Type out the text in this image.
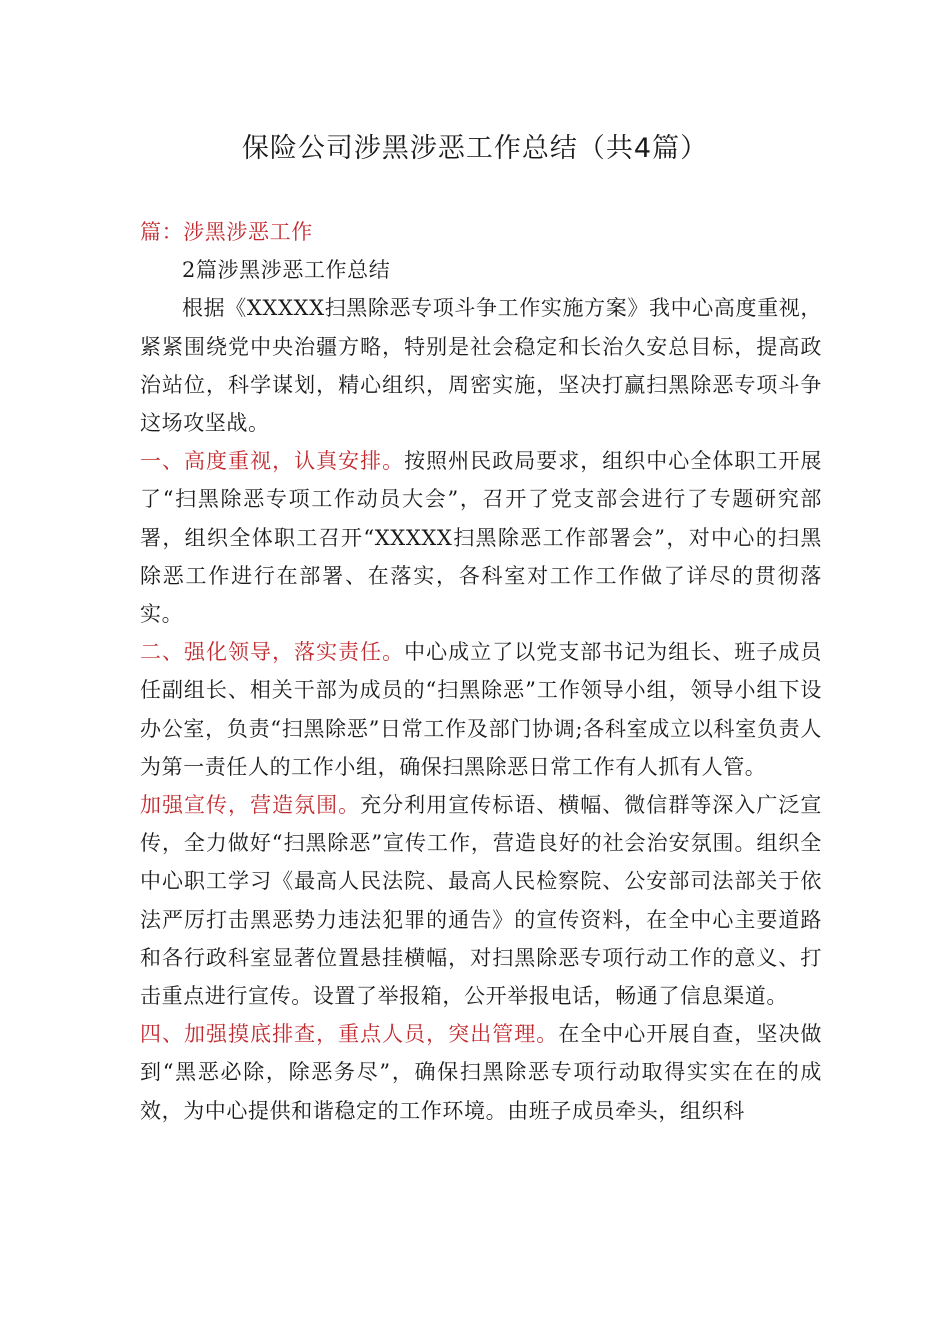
保险公司涉黑涉恶工作总结（共4篇）

篇：涉黑涉恶工作

2篇涉黑涉恶工作总结

根据《XXXXX扫黑除恶专项斗争工作实施方案》我中心高度重视，紧紧围绕党中央治疆方略，特别是社会稳定和长治久安总目标，提高政治站位，科学谋划，精心组织，周密实施，坚决打赢扫黑除恶专项斗争这场攻坚战。

一、高度重视，认真安排。按照州民政局要求，组织中心全体职工开展了“扫黑除恶专项工作动员大会”，召开了党支部会进行了专题研究部署，组织全体职工召开“XXXXX扫黑除恶工作部署会”，对中心的扫黑除恶工作进行在部署、在落实，各科室对工作工作做了详尽的贯彻落实。

二、强化领导，落实责任。中心成立了以党支部书记为组长、班子成员任副组长、相关干部为成员的“扫黑除恶”工作领导小组，领导小组下设办公室，负责“扫黑除恶”日常工作及部门协调;各科室成立以科室负责人为第一责任人的工作小组，确保扫黑除恶日常工作有人抓有人管。

加强宣传，营造氛围。充分利用宣传标语、横幅、微信群等深入广泛宣传，全力做好“扫黑除恶”宣传工作，营造良好的社会治安氛围。组织全中心职工学习《最高人民法院、最高人民检察院、公安部司法部关于依法严厉打击黑恶势力违法犯罪的通告》的宣传资料，在全中心主要道路和各行政科室显著位置悬挂横幅，对扫黑除恶专项行动工作的意义、打击重点进行宣传。设置了举报箱，公开举报电话，畅通了信息渠道。

四、加强摸底排查，重点人员，突出管理。在全中心开展自查，坚决做到“黑恶必除，除恶务尽”，确保扫黑除恶专项行动取得实实在在的成效，为中心提供和谐稳定的工作环境。由班子成员牵头，组织科
